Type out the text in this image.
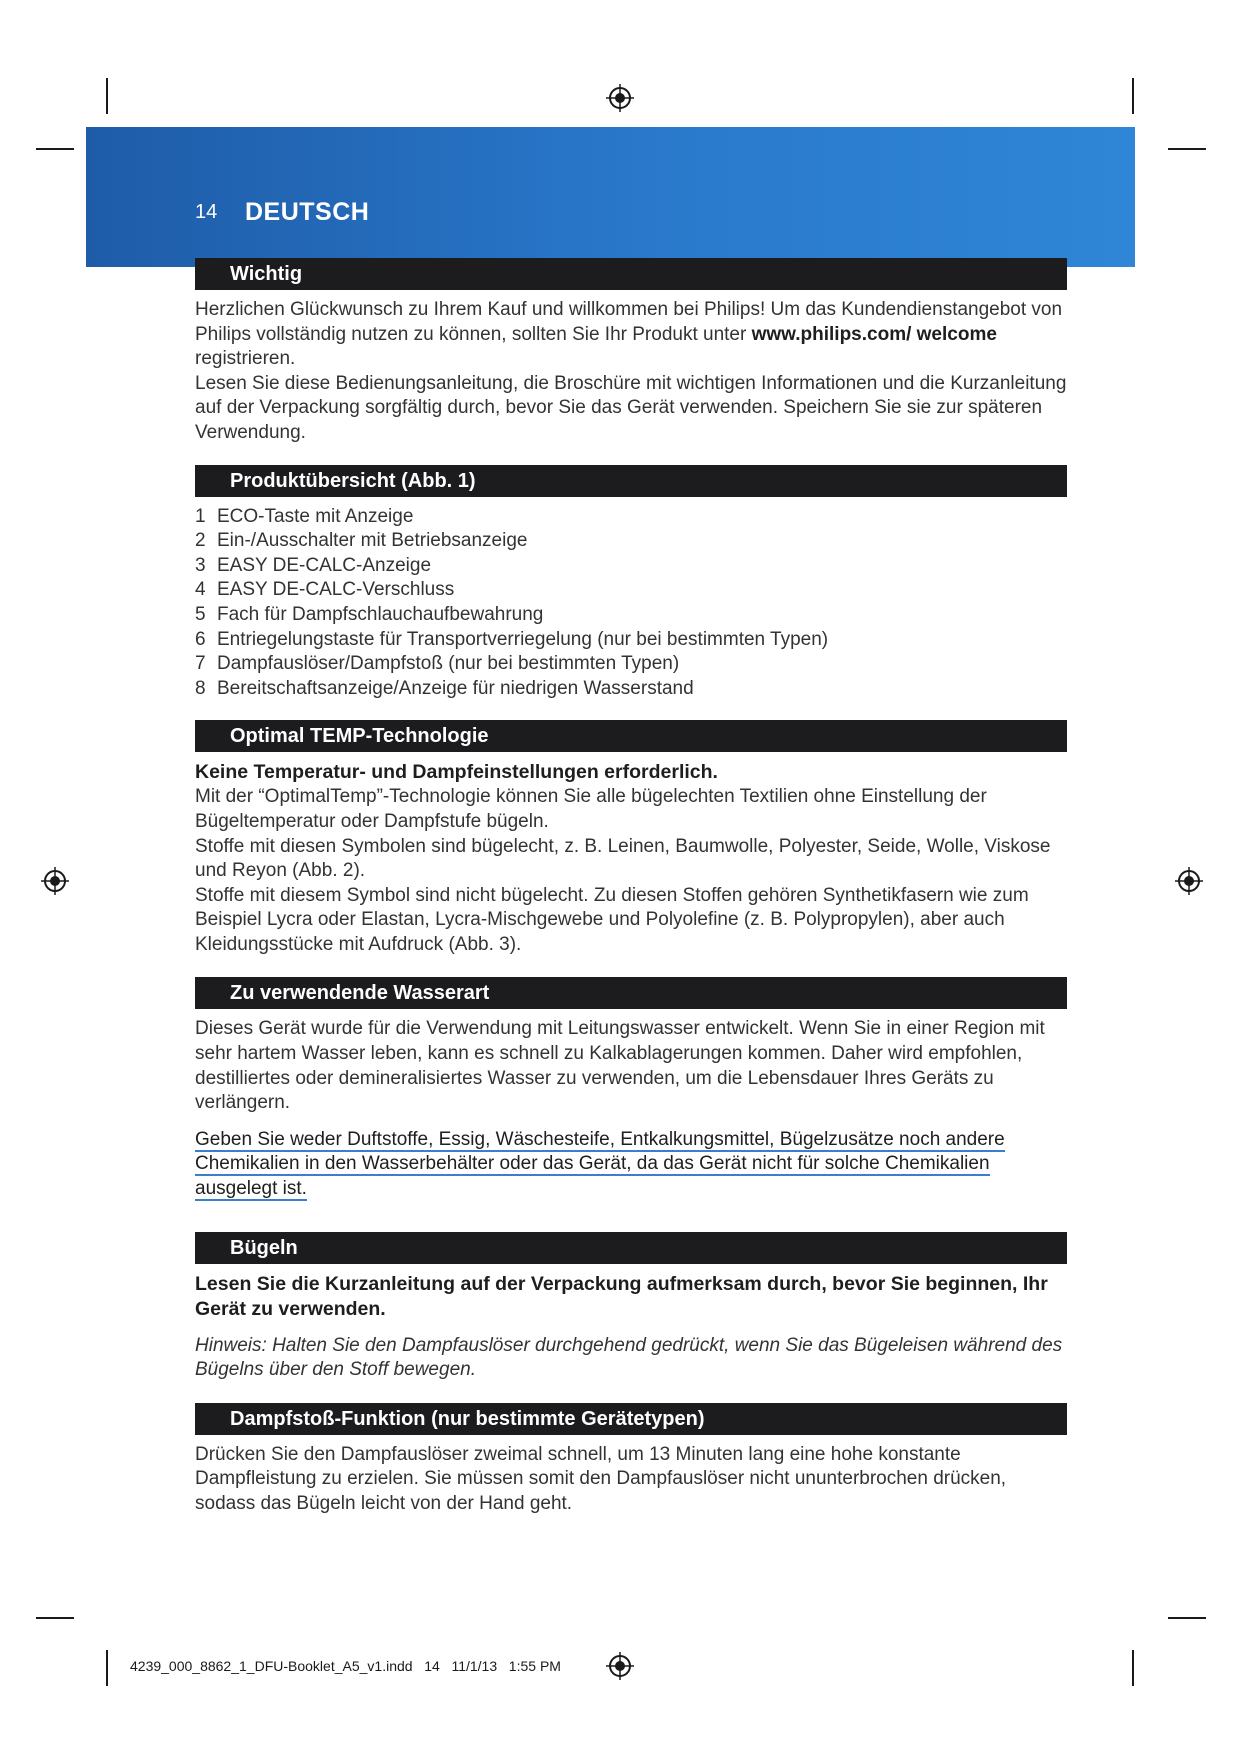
14 DEUTSCH
Wichtig

Herzlichen Glückwunsch zu Ihrem Kauf und willkommen bei Philips! Um das Kundendienstangebot von Philips vollständig nutzen zu können, sollten Sie Ihr Produkt unter www.philips.com/ welcome registrieren.

Lesen Sie diese Bedienungsanleitung, die Broschüre mit wichtigen Informationen und die Kurzanleitung auf der Verpackung sorgfältig durch, bevor Sie das Gerät verwenden. Speichern Sie sie zur späteren Verwendung.

Produktübersicht (Abb. 1)
1 ECO-Taste mit Anzeige
2 Ein-/Ausschalter mit Betriebsanzeige
3 EASY DE-CALC-Anzeige
4 EASY DE-CALC-Verschluss
5 Fach für Dampfschlauchaufbewahrung
6 Entriegelungstaste für Transportverriegelung (nur bei bestimmten Typen)
7 Dampfauslöser/Dampfstoß (nur bei bestimmten Typen)
8 Bereitschaftsanzeige/Anzeige für niedrigen Wasserstand
Optimal TEMP-Technologie

Keine Temperatur- und Dampfeinstellungen erforderlich.

Mit der “OptimalTemp”-Technologie können Sie alle bügelechten Textilien ohne Einstellung der Bügeltemperatur oder Dampfstufe bügeln.

Stoffe mit diesen Symbolen sind bügelecht, z. B. Leinen, Baumwolle, Polyester, Seide, Wolle, Viskose und Reyon (Abb. 2).

Stoffe mit diesem Symbol sind nicht bügelecht. Zu diesen Stoffen gehören Synthetikfasern wie zum Beispiel Lycra oder Elastan, Lycra-Mischgewebe und Polyolefine (z. B. Polypropylen), aber auch Kleidungsstücke mit Aufdruck (Abb. 3).

Zu verwendende Wasserart

Dieses Gerät wurde für die Verwendung mit Leitungswasser entwickelt. Wenn Sie in einer Region mit sehr hartem Wasser leben, kann es schnell zu Kalkablagerungen kommen. Daher wird empfohlen, destilliertes oder demineralisiertes Wasser zu verwenden, um die Lebensdauer Ihres Geräts zu verlängern.

Geben Sie weder Duftstoffe, Essig, Wäschesteife, Entkalkungsmittel, Bügelzusätze noch andere Chemikalien in den Wasserbehälter oder das Gerät, da das Gerät nicht für solche Chemikalien ausgelegt ist.

Bügeln

Lesen Sie die Kurzanleitung auf der Verpackung aufmerksam durch, bevor Sie beginnen, Ihr Gerät zu verwenden.

Hinweis: Halten Sie den Dampfauslöser durchgehend gedrückt, wenn Sie das Bügeleisen während des Bügelns über den Stoff bewegen.

Dampfstoß-Funktion (nur bestimmte Gerätetypen)

Drücken Sie den Dampfauslöser zweimal schnell, um 13 Minuten lang eine hohe konstante Dampfleistung zu erzielen. Sie müssen somit den Dampfauslöser nicht ununterbrochen drücken, sodass das Bügeln leicht von der Hand geht.

4239_000_8862_1_DFU-Booklet_A5_v1.indd   14   11/1/13   1:55 PM
